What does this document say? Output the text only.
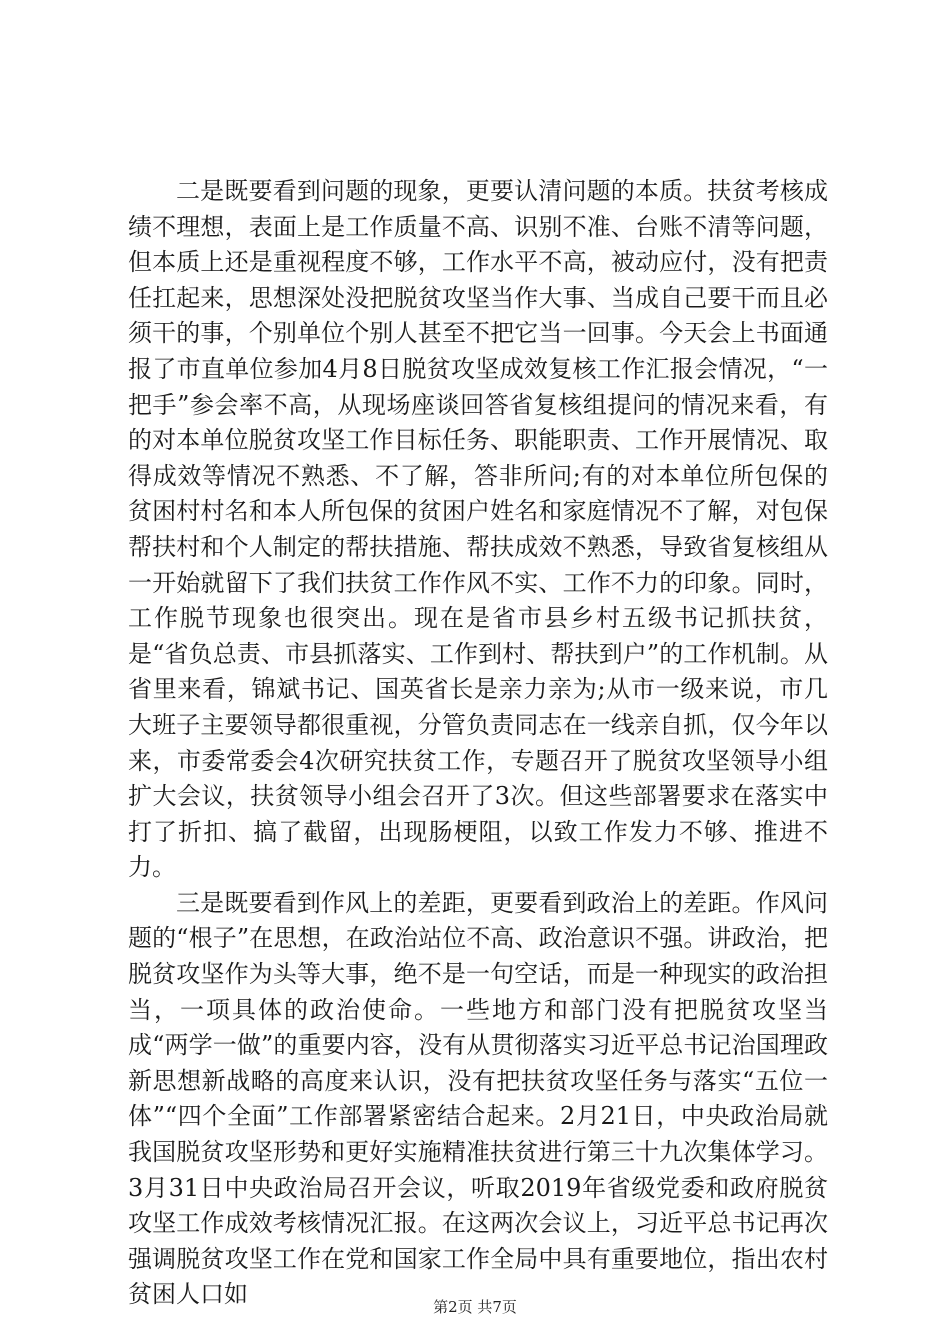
二是既要看到问题的现象，更要认清问题的本质。扶贫考核成绩不理想，表面上是工作质量不高、识别不准、台账不清等问题，但本质上还是重视程度不够，工作水平不高，被动应付，没有把责任扛起来，思想深处没把脱贫攻坚当作大事、当成自己要干而且必须干的事，个别单位个别人甚至不把它当一回事。今天会上书面通报了市直单位参加4月8日脱贫攻坚成效复核工作汇报会情况，“一把手”参会率不高，从现场座谈回答省复核组提问的情况来看，有的对本单位脱贫攻坚工作目标任务、职能职责、工作开展情况、取得成效等情况不熟悉、不了解，答非所问;有的对本单位所包保的贫困村村名和本人所包保的贫困户姓名和家庭情况不了解，对包保帮扶村和个人制定的帮扶措施、帮扶成效不熟悉，导致省复核组从一开始就留下了我们扶贫工作作风不实、工作不力的印象。同时，工作脱节现象也很突出。现在是省市县乡村五级书记抓扶贫，是“省负总责、市县抓落实、工作到村、帮扶到户”的工作机制。从省里来看，锦斌书记、国英省长是亲力亲为;从市一级来说，市几大班子主要领导都很重视，分管负责同志在一线亲自抓，仅今年以来，市委常委会4次研究扶贫工作，专题召开了脱贫攻坚领导小组扩大会议，扶贫领导小组会召开了3次。但这些部署要求在落实中打了折扣、搞了截留，出现肠梗阻，以致工作发力不够、推进不力。

三是既要看到作风上的差距，更要看到政治上的差距。作风问题的“根子”在思想，在政治站位不高、政治意识不强。讲政治，把脱贫攻坚作为头等大事，绝不是一句空话，而是一种现实的政治担当，一项具体的政治使命。一些地方和部门没有把脱贫攻坚当成“两学一做”的重要内容，没有从贯彻落实习近平总书记治国理政新思想新战略的高度来认识，没有把扶贫攻坚任务与落实“五位一体”“四个全面”工作部署紧密结合起来。2月21日，中央政治局就我国脱贫攻坚形势和更好实施精准扶贫进行第三十九次集体学习。3月31日中央政治局召开会议，听取2019年省级党委和政府脱贫攻坚工作成效考核情况汇报。在这两次会议上，习近平总书记再次强调脱贫攻坚工作在党和国家工作全局中具有重要地位，指出农村贫困人口如	第2页 共7页
